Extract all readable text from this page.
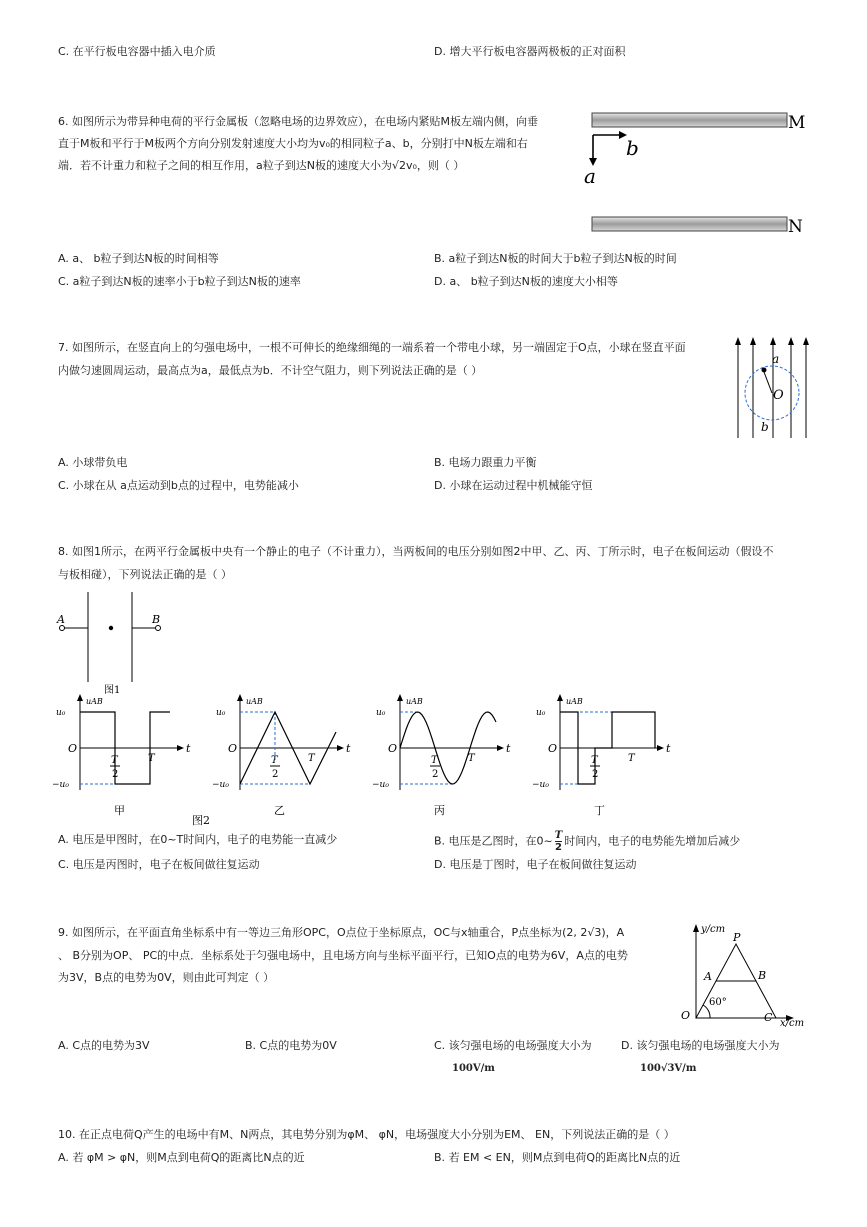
C. 在平行板电容器中插入电介质	D. 增大平行板电容器两极板的正对面积
6. 如图所示为带异种电荷的平行金属板（忽略电场的边界效应），在电场内紧贴M板左端内侧，向垂
直于M板和平行于M板两个方向分别发射速度大小均为v₀的相同粒子a、b，分别打中N板左端和右
端．若不计重力和粒子之间的相互作用，a粒子到达N板的速度大小为√2v₀，则（ ）
M
N
b
a
A. a、 b粒子到达N板的时间相等	B. a粒子到达N板的时间大于b粒子到达N板的时间
C. a粒子到达N板的速率小于b粒子到达N板的速率	D. a、 b粒子到达N板的速度大小相等
7. 如图所示，在竖直向上的匀强电场中，一根不可伸长的绝缘细绳的一端系着一个带电小球，另一端固定于O点，小球在竖直平面
内做匀速圆周运动，最高点为a，最低点为b．不计空气阻力，则下列说法正确的是（ ）
a
O
b
A. 小球带负电	B. 电场力跟重力平衡
C. 小球在从 a点运动到b点的过程中，电势能减小	D. 小球在运动过程中机械能守恒
8. 如图1所示，在两平行金属板中央有一个静止的电子（不计重力），当两板间的电压分别如图2中甲、乙、丙、丁所示时，电子在板间运动（假设不
与板相碰），下列说法正确的是（ ）
A	B
图1
uAB
u₀
−u₀
O
T
2
T
t
甲
uAB
u₀
−u₀
O
T
2
T
t
乙
图2
uAB
u₀
−u₀
O
T
2
T
t
丙
uAB
u₀
−u₀
O
T
2
T
t
丁
A. 电压是甲图时，在0~T时间内，电子的电势能一直减少	B. 电压是乙图时，在0~ $\frac{T}{2}$ 时间内，电子的电势能先增加后减少
C. 电压是丙图时，电子在板间做往复运动	D. 电压是丁图时，电子在板间做往复运动
9. 如图所示，在平面直角坐标系中有一等边三角形OPC，O点位于坐标原点，OC与x轴重合，P点坐标为(2, 2√3)，A
、 B分别为OP、 PC的中点．坐标系处于匀强电场中，且电场方向与坐标平面平行，已知O点的电势为6V，A点的电势
为3V，B点的电势为0V，则由此可判定（ ）
y/cm
x/cm
P
A	B
O	C
60°
A. C点的电势为3V	B. C点的电势为0V	C. 该匀强电场的电场强度大小为
100V/m
D. 该匀强电场的电场强度大小为
100√3V/m
10. 在正点电荷Q产生的电场中有M、N两点，其电势分别为φM、 φN，电场强度大小分别为EM、 EN，下列说法正确的是（ ）
A. 若 φM > φN，则M点到电荷Q的距离比N点的近	B. 若 EM < EN，则M点到电荷Q的距离比N点的近
